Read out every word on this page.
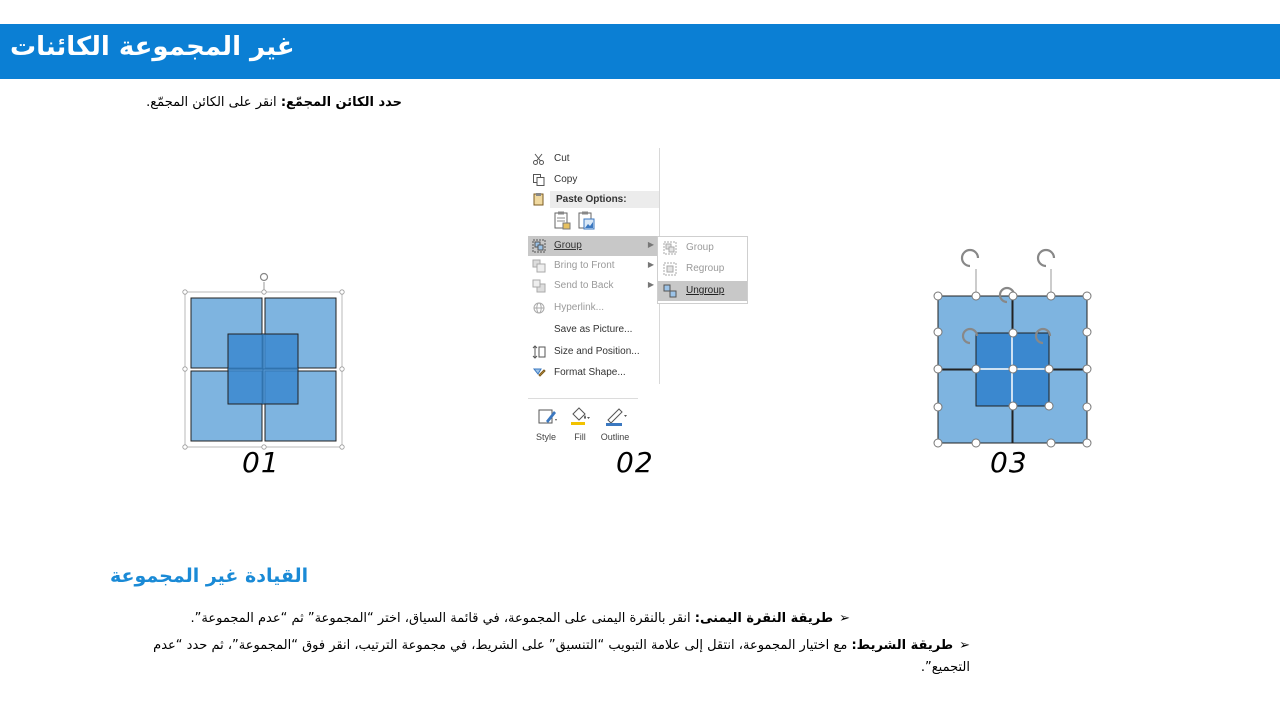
غير المجموعة الكائنات
حدد الكائن المجمّع: انقر على الكائن المجمّع.
01
Cut
Copy
Paste Options:
Group	▶
Bring to Front	▶
Send to Back	▶
Hyperlink...
Save as Picture...
Size and Position...
Format Shape...
Group
Regroup
Ungroup
Style	Fill	Outline
02	03
القيادة غير المجموعة
➢طريقة النقرة اليمنى: انقر بالنقرة اليمنى على المجموعة، في قائمة السياق، اختر “المجموعة” ثم “عدم المجموعة”.
➢طريقة الشريط: مع اختيار المجموعة، انتقل إلى علامة التبويب “التنسيق” على الشريط، في مجموعة الترتيب، انقر فوق “المجموعة”، ثم حدد “عدم التجميع”.
